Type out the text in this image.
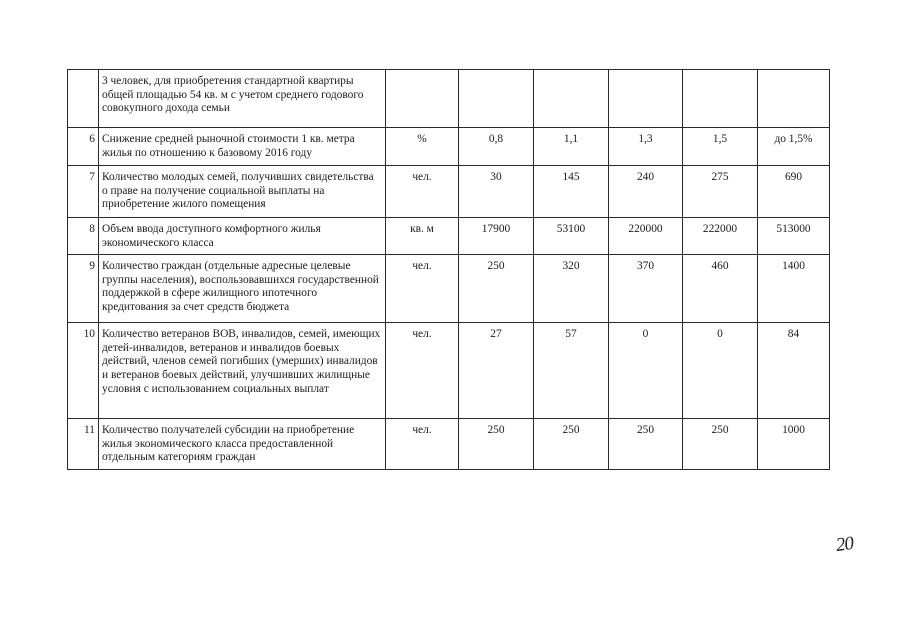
	3 человек, для приобретения стандартной квартиры общей площадью 54 кв. м с учетом среднего годового совокупного дохода семьи						
6	Снижение средней рыночной стоимости 1 кв. метра жилья по отношению к базовому 2016 году	%	0,8	1,1	1,3	1,5	до 1,5%
7	Количество молодых семей, получивших свидетельства о праве на получение социальной выплаты на приобретение жилого помещения	чел.	30	145	240	275	690
8	Объем ввода доступного комфортного жилья экономического класса	кв. м	17900	53100	220000	222000	513000
9	Количество граждан (отдельные адресные целевые группы населения), воспользовавшихся государственной поддержкой в сфере жилищного ипотечного кредитования за счет средств бюджета	чел.	250	320	370	460	1400
10	Количество ветеранов ВОВ, инвалидов, семей, имеющих детей-инвалидов, ветеранов и инвалидов боевых действий, членов семей погибших (умерших) инвалидов и ветеранов боевых действий, улучшивших жилищные условия с использованием социальных выплат	чел.	27	57	0	0	84
11	Количество получателей субсидии на приобретение жилья экономического класса предоставленной отдельным категориям граждан	чел.	250	250	250	250	1000
20
